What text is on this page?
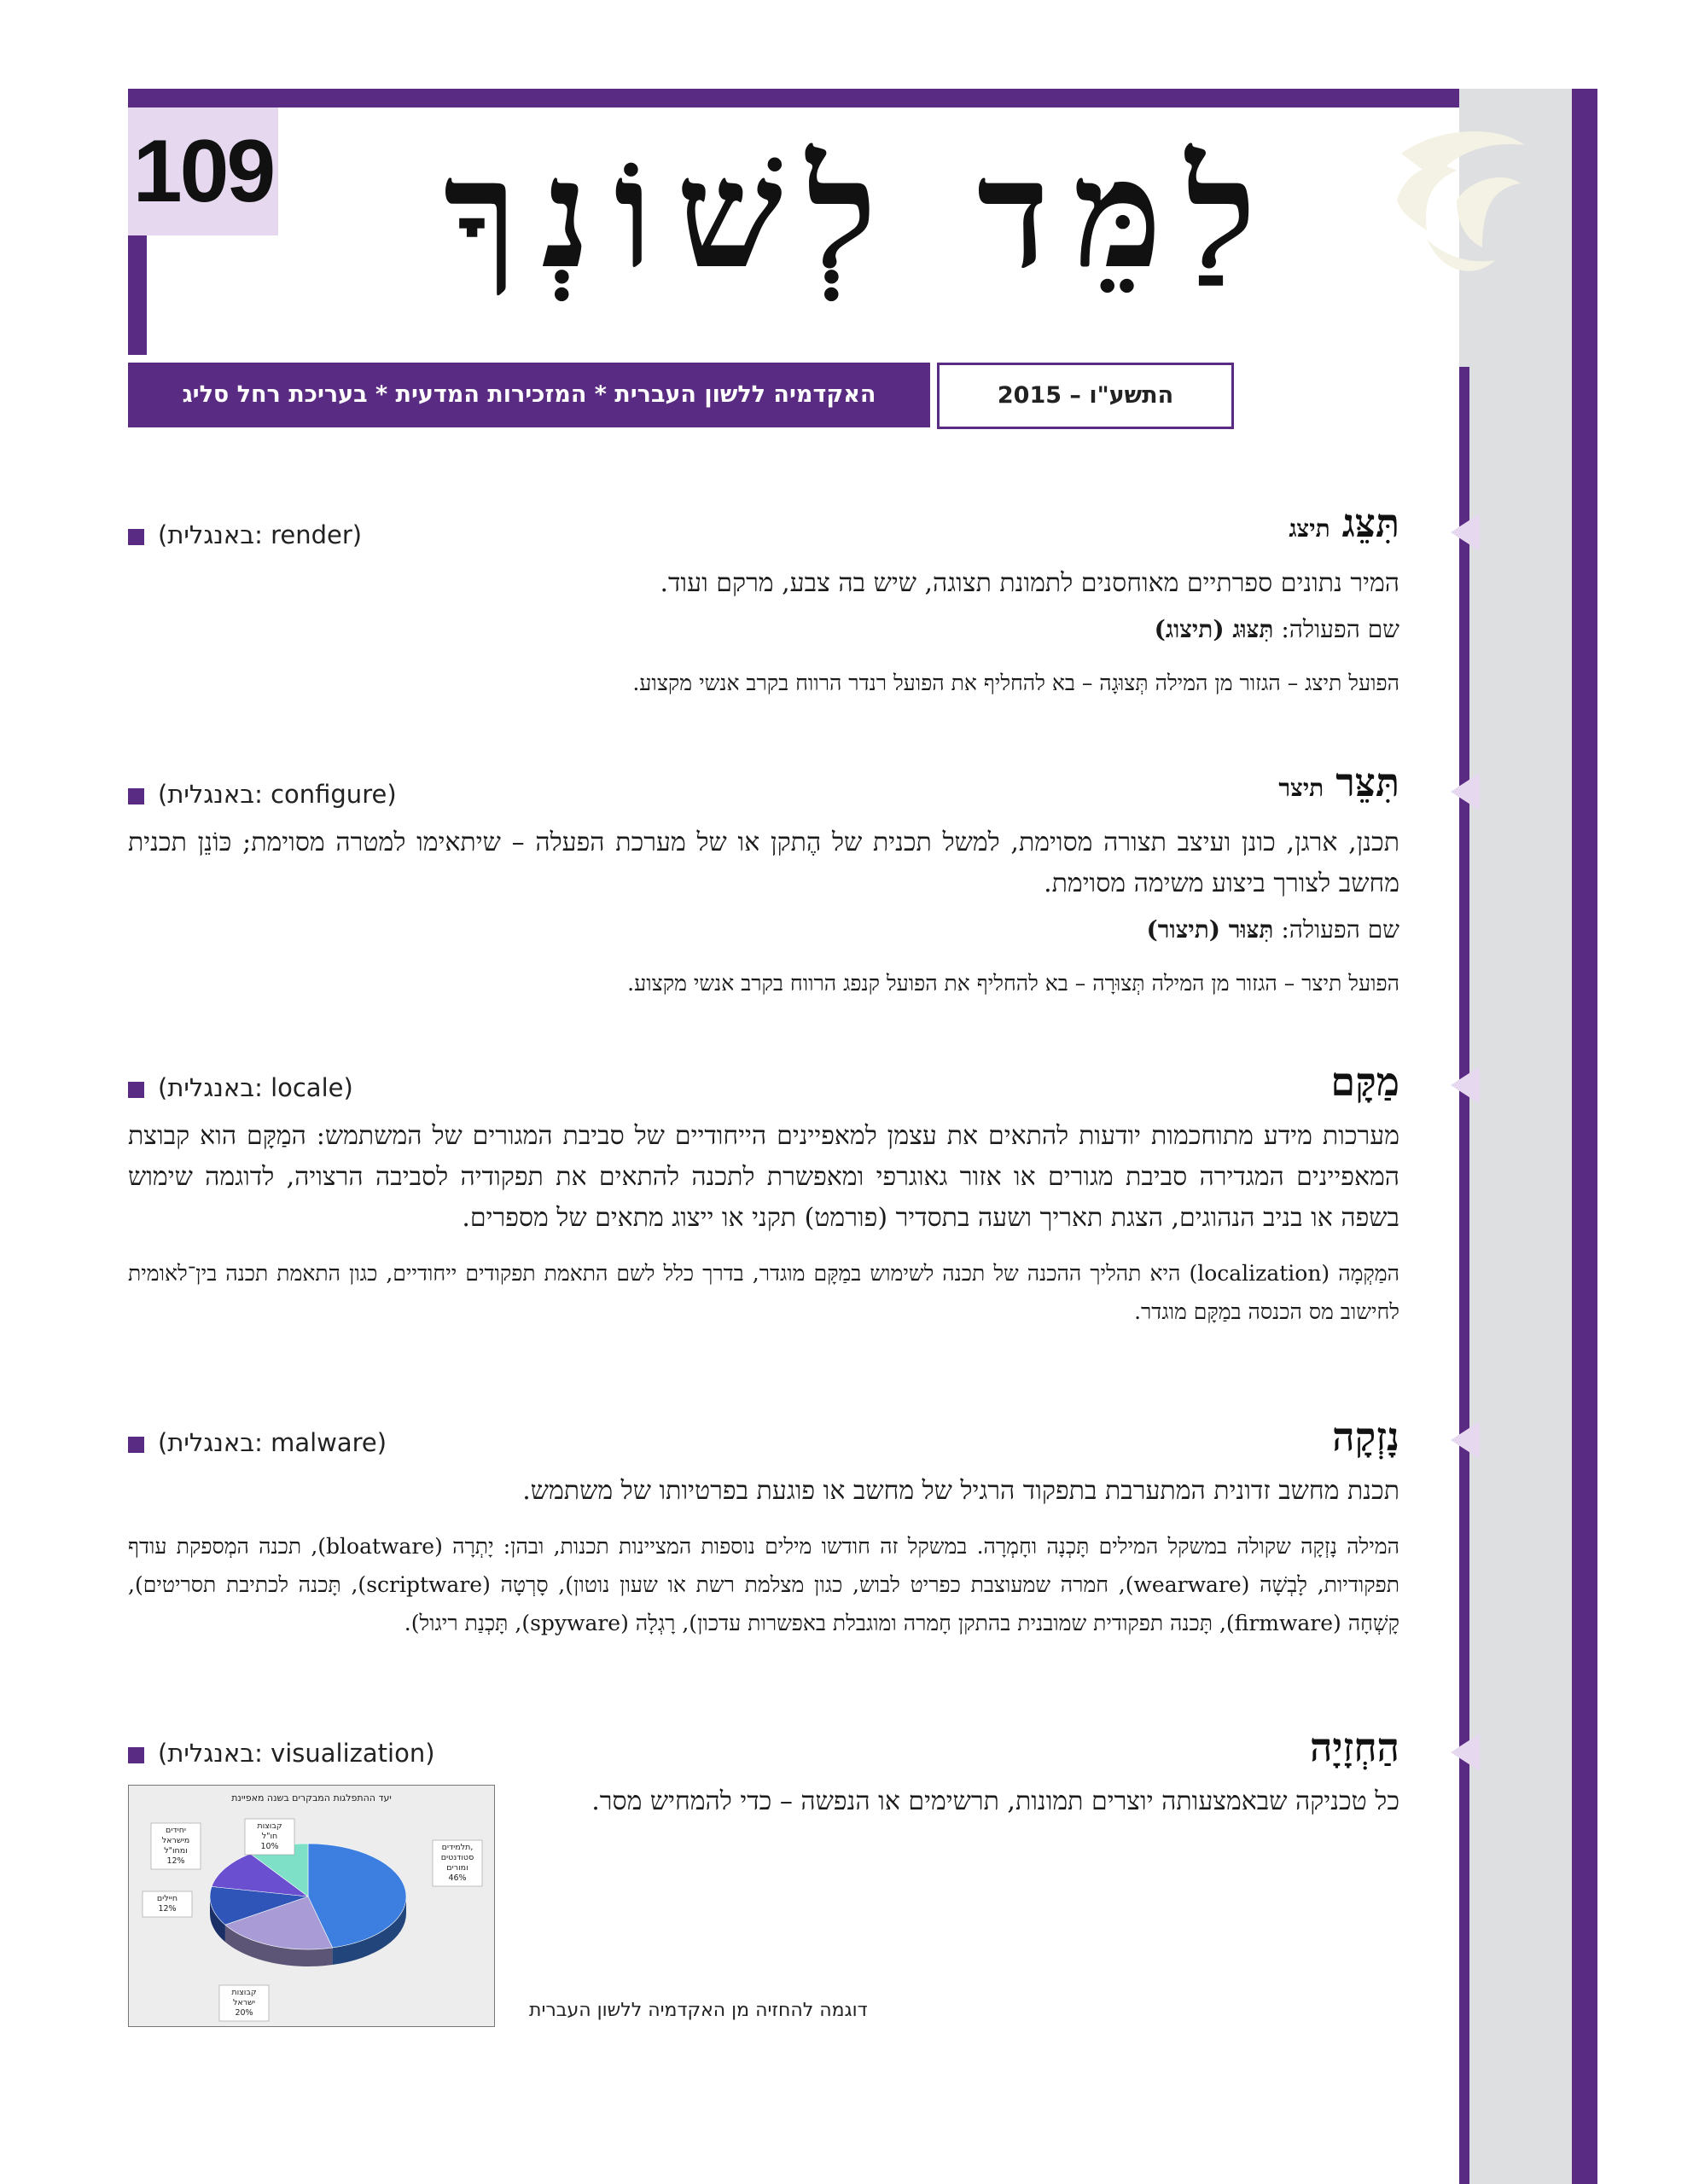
109	לַמֵּד לְשׁוֹנְךָ
האקדמיה ללשון העברית * המזכירות המדעית * בעריכת רחל סליג	התשע"ו – 2015
תִּצֵּגתיצג
(באנגלית: render)
המיר נתונים ספרתיים מאוחסנים לתמונת תצוגה, שיש בה צבע, מרקם ועוד.
שם הפעולה: תִּצּוּג (תיצוג)
הפועל תיצג – הגזור מן המילה תְּצוּגָה – בא להחליף את הפועל רנדר הרווח בקרב אנשי מקצוע.
תִּצֵּרתיצר
(באנגלית: configure)
תכנן, ארגן, כונן ועיצב תצורה מסוימת, למשל תכנית של הֶתקן או של מערכת הפעלה – שיתאימו למטרה מסוימת; כּוֹנֵן תכנית מחשב לצורך ביצוע משימה מסוימת.
שם הפעולה: תִּצּוּר (תיצור)
הפועל תיצר – הגזור מן המילה תְּצוּרָה – בא להחליף את הפועל קנפג הרווח בקרב אנשי מקצוע.
מַקָּם
(באנגלית: locale)
מערכות מידע מתוחכמות יודעות להתאים את עצמן למאפיינים הייחודיים של סביבת המגורים של המשתמש: המַקָּם הוא קבוצת המאפיינים המגדירה סביבת מגורים או אזור גאוגרפי ומאפשרת לתכנה להתאים את תפקודיה לסביבה הרצויה, לדוגמה שימוש בשפה או בניב הנהוגים, הצגת תאריך ושעה בתסדיר (פורמט) תקני או ייצוג מתאים של מספרים.
המַקְמָה (localization) היא תהליך ההכנה של תכנה לשימוש במַקָּם מוגדר, בדרך כלל לשם התאמת תפקודים ייחודיים, כגון התאמת תכנה בין־לאומית לחישוב מס הכנסה במַקָּם מוגדר.
נָזְקָה
(באנגלית: malware)
תכנת מחשב זדונית המתערבת בתפקוד הרגיל של מחשב או פוגעת בפרטיותו של משתמש.
המילה נָזְקָה שקולה במשקל המילים תָּכְנָה וחָמְרָה. במשקל זה חודשו מילים נוספות המציינות תכנות, ובהן: יָתְרָה (bloatware), תכנה המְספקת עודף תפקודיות, לָבְשָׁה (wearware), חמרה שמעוצבת כפריט לבוש, כגון מצלמת רשת או שעון נוטון), סָרְטָה (scriptware), תָּכנה לכתיבת תסריטים), קָשְׁחָה (firmware), תָּכנה תפקודית שמובנית בהתקן חָמרה ומוגבלת באפשרות עדכון), רָגְלָה (spyware), תָּכְנַת ריגול).
הַחְזָיָה
(באנגלית: visualization)
כל טכניקה שבאמצעותה יוצרים תמונות, תרשימים או הנפשה – כדי להמחיש מסר.
יעד ההתפלגות המבקרים בשנה מאפיינת
תלמידים,
סטודנטים
ומורים
46%
קבוצות
ישראל
20%
חיילים
12%
יחידים
מישראל
ומחו"ל
12%
קבוצות
חו"ל
10%
דוגמה להחזיה מן האקדמיה ללשון העברית
